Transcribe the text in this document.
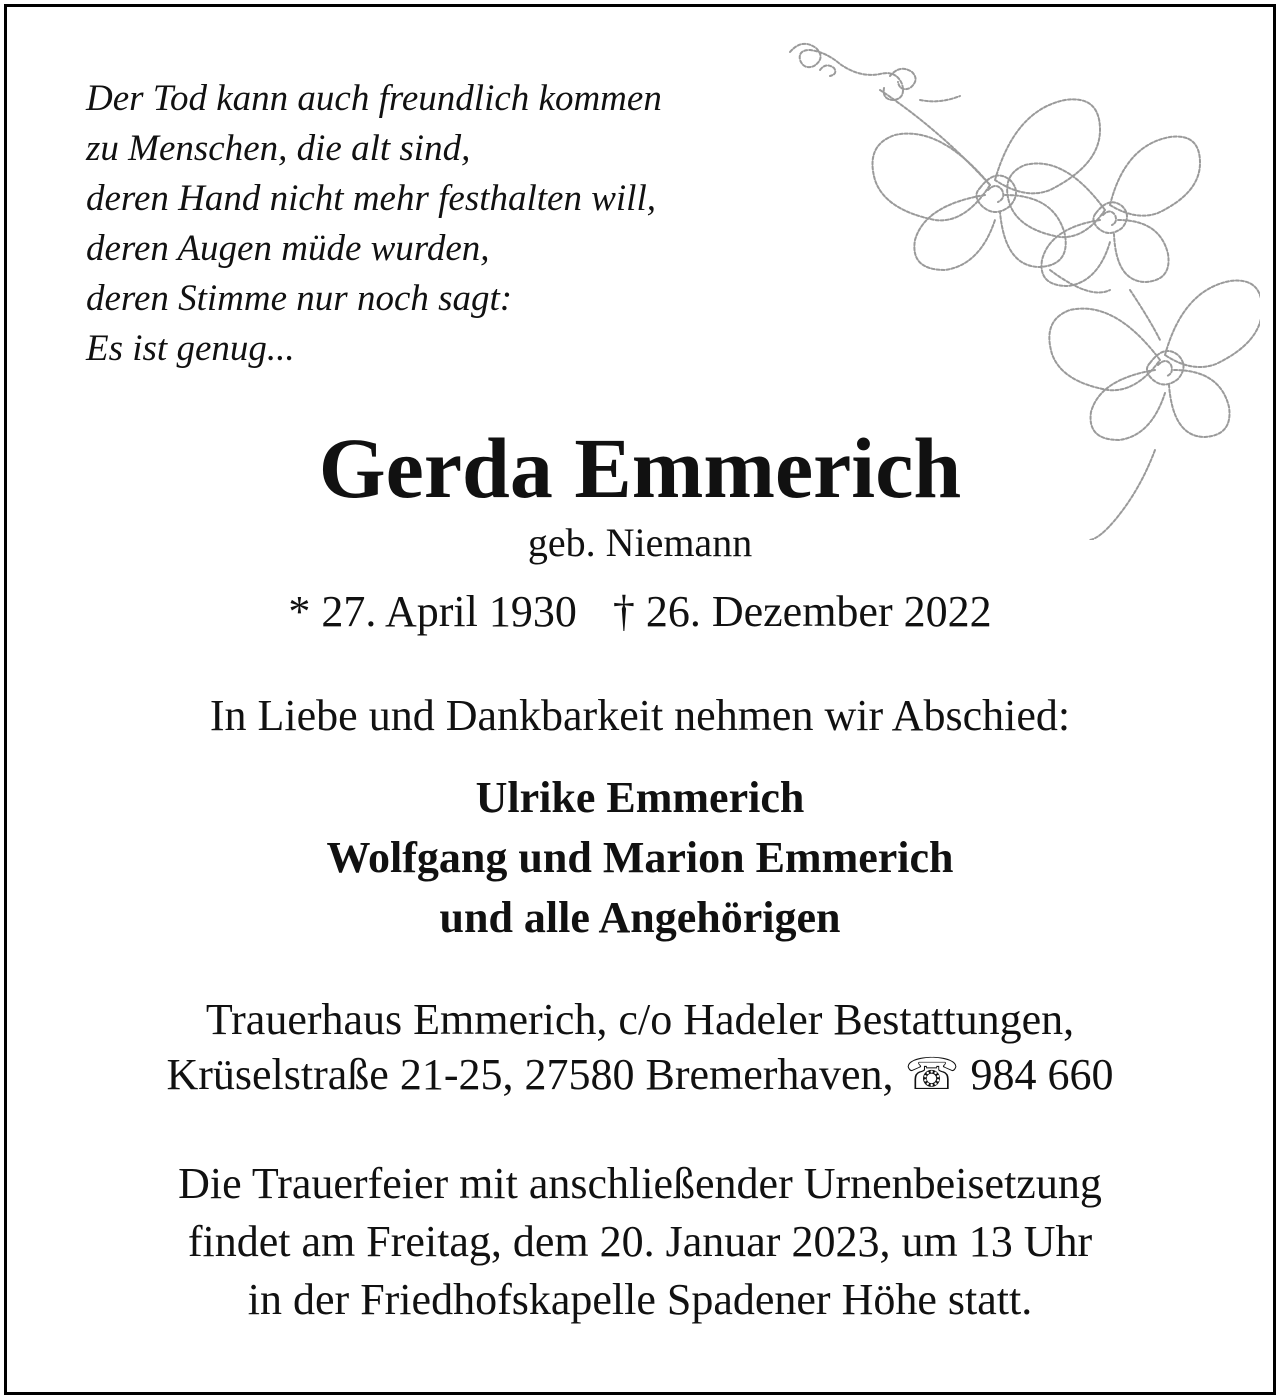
Der Tod kann auch freundlich kommen
zu Menschen, die alt sind,
deren Hand nicht mehr festhalten will,
deren Augen müde wurden,
deren Stimme nur noch sagt:
Es ist genug...
Gerda Emmerich
geb. Niemann
* 27. April 1930 † 26. Dezember 2022
In Liebe und Dankbarkeit nehmen wir Abschied:
Ulrike Emmerich
Wolfgang und Marion Emmerich
und alle Angehörigen
Trauerhaus Emmerich, c/o Hadeler Bestattungen,
Krüselstraße 21-25, 27580 Bremerhaven, ☏ 984 660
Die Trauerfeier mit anschließender Urnenbeisetzung
findet am Freitag, dem 20. Januar 2023, um 13 Uhr
in der Friedhofskapelle Spadener Höhe statt.
